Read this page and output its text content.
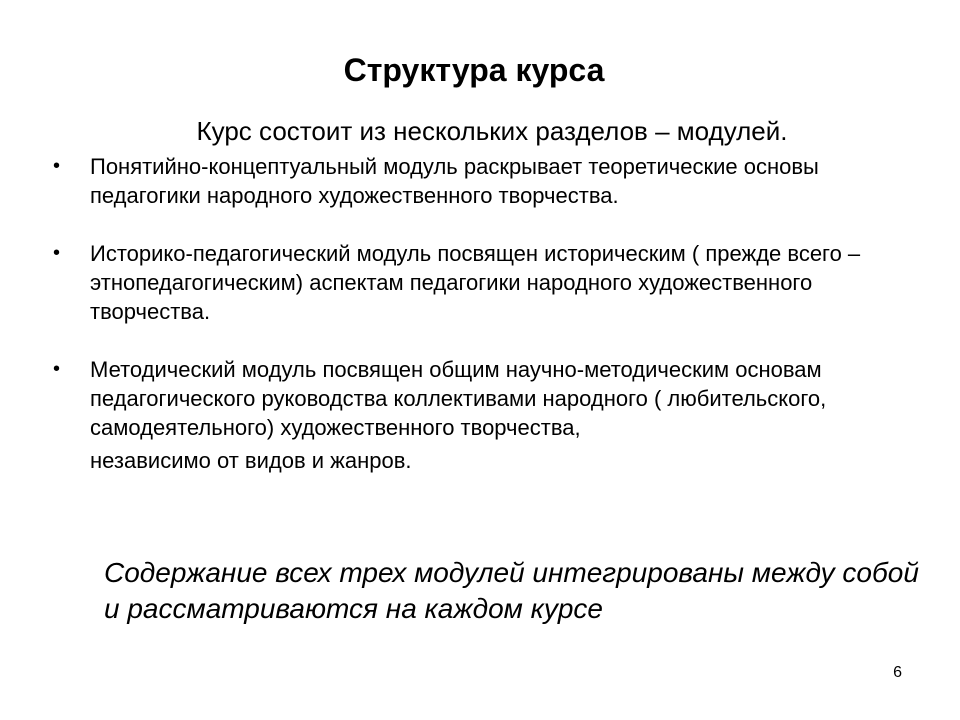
Структура курса
Курс состоит из нескольких разделов – модулей.
• Понятийно-концептуальный модуль раскрывает теоретические основы педагогики народного художественного творчества.
• Историко-педагогический модуль посвящен историческим ( прежде всего – этнопедагогическим) аспектам педагогики народного художественного творчества.
• Методический модуль посвящен общим научно-методическим основам педагогического руководства коллективами народного ( любительского, самодеятельного) художественного творчества,
независимо от видов и жанров.
Содержание всех трех модулей интегрированы между собой и рассматриваются на каждом курсе
6
